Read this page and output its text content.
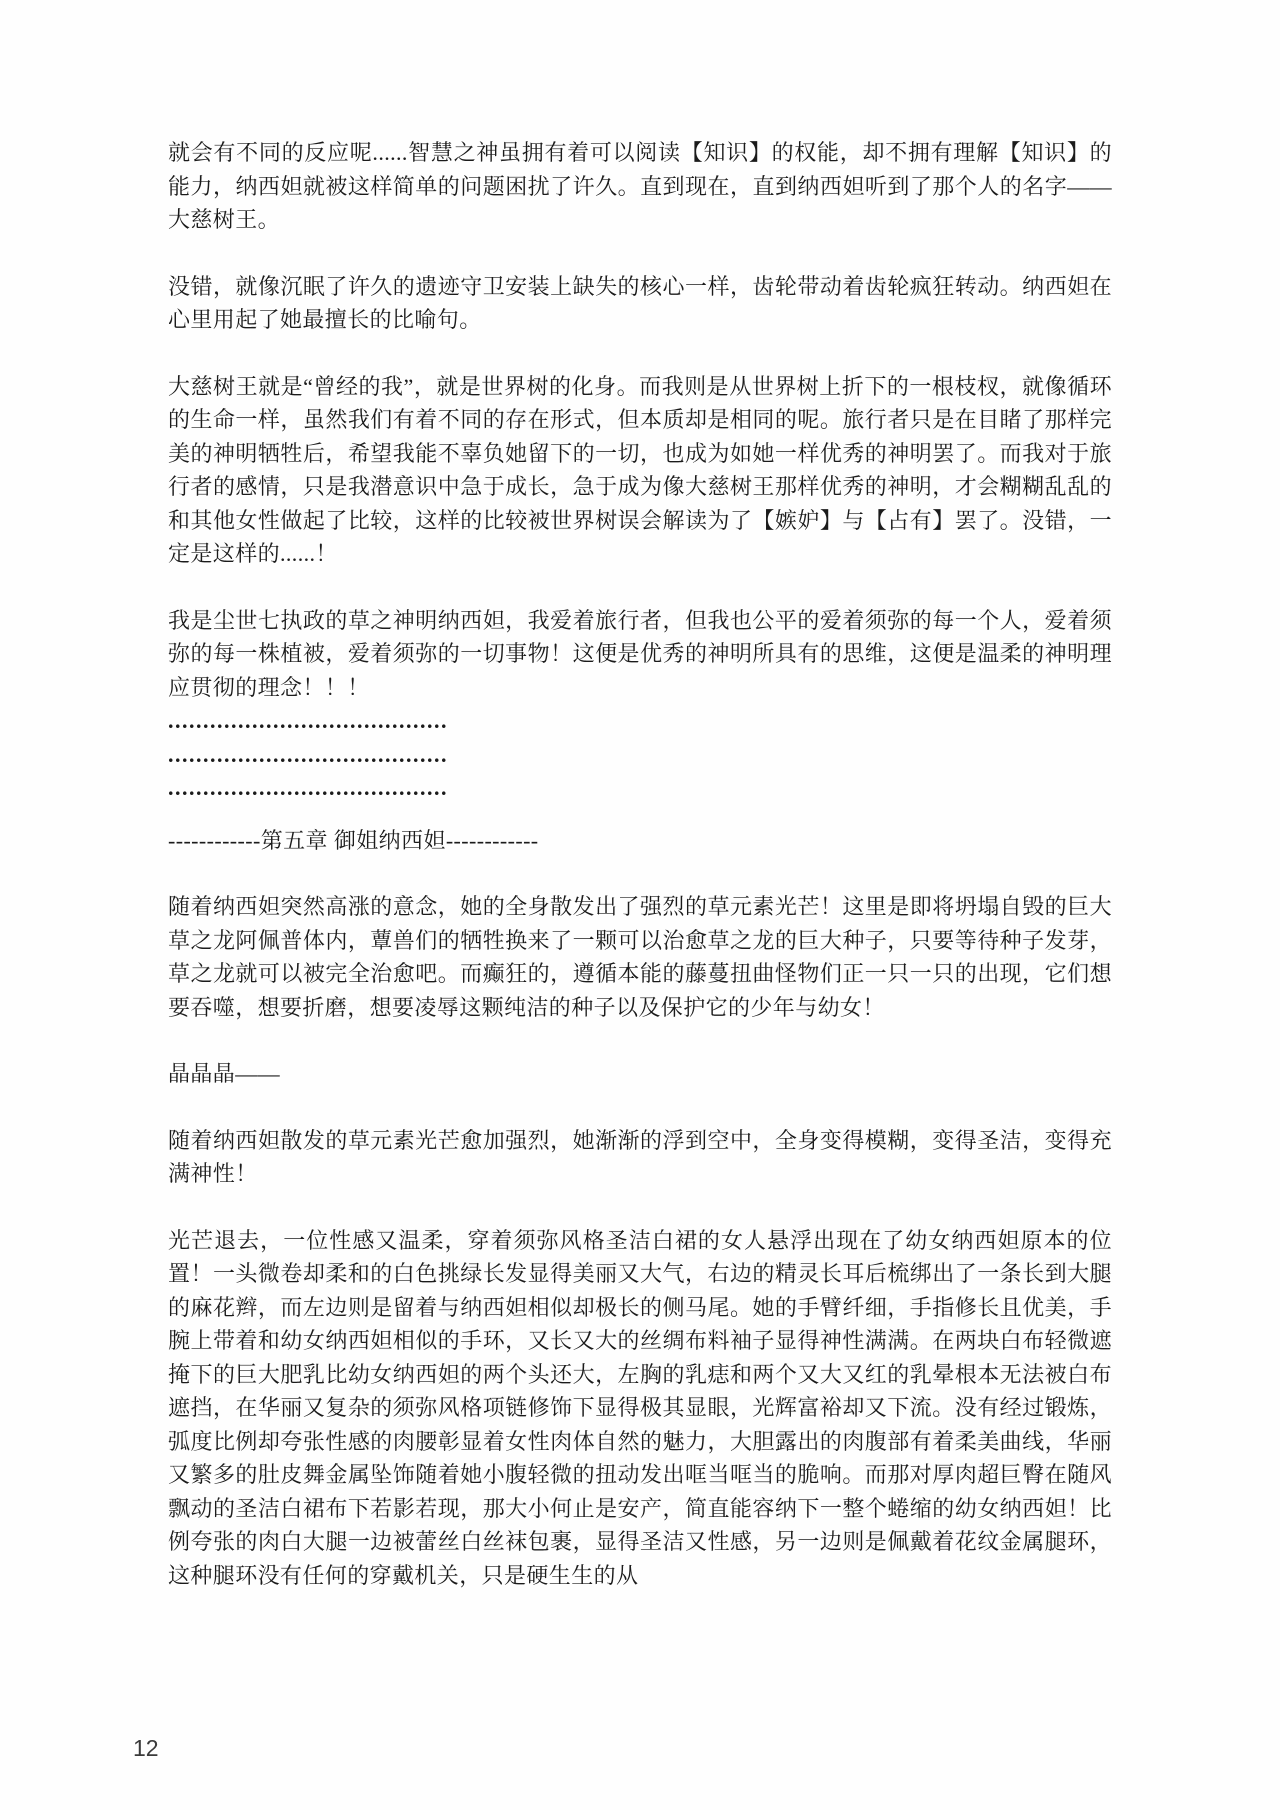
就会有不同的反应呢......智慧之神虽拥有着可以阅读【知识】的权能，却不拥有理解【知识】的能力，纳西妲就被这样简单的问题困扰了许久。直到现在，直到纳西妲听到了那个人的名字——大慈树王。

没错，就像沉眠了许久的遗迹守卫安装上缺失的核心一样，齿轮带动着齿轮疯狂转动。纳西妲在心里用起了她最擅长的比喻句。

大慈树王就是“曾经的我”，就是世界树的化身。而我则是从世界树上折下的一根枝杈，就像循环的生命一样，虽然我们有着不同的存在形式，但本质却是相同的呢。旅行者只是在目睹了那样完美的神明牺牲后，希望我能不辜负她留下的一切，也成为如她一样优秀的神明罢了。而我对于旅行者的感情，只是我潜意识中急于成长，急于成为像大慈树王那样优秀的神明，才会糊糊乱乱的和其他女性做起了比较，这样的比较被世界树误会解读为了【嫉妒】与【占有】罢了。没错，一定是这样的......！

我是尘世七执政的草之神明纳西妲，我爱着旅行者，但我也公平的爱着须弥的每一个人，爱着须弥的每一株植被，爱着须弥的一切事物！这便是优秀的神明所具有的思维，这便是温柔的神明理应贯彻的理念！！！

........................................
........................................
........................................

------------第五章 御姐纳西妲------------

随着纳西妲突然高涨的意念，她的全身散发出了强烈的草元素光芒！这里是即将坍塌自毁的巨大草之龙阿佩普体内，蕈兽们的牺牲换来了一颗可以治愈草之龙的巨大种子，只要等待种子发芽，草之龙就可以被完全治愈吧。而癫狂的，遵循本能的藤蔓扭曲怪物们正一只一只的出现，它们想要吞噬，想要折磨，想要凌辱这颗纯洁的种子以及保护它的少年与幼女！

晶晶晶——

随着纳西妲散发的草元素光芒愈加强烈，她渐渐的浮到空中，全身变得模糊，变得圣洁，变得充满神性！

光芒退去，一位性感又温柔，穿着须弥风格圣洁白裙的女人悬浮出现在了幼女纳西妲原本的位置！一头微卷却柔和的白色挑绿长发显得美丽又大气，右边的精灵长耳后梳绑出了一条长到大腿的麻花辫，而左边则是留着与纳西妲相似却极长的侧马尾。她的手臂纤细，手指修长且优美，手腕上带着和幼女纳西妲相似的手环，又长又大的丝绸布料袖子显得神性满满。在两块白布轻微遮掩下的巨大肥乳比幼女纳西妲的两个头还大，左胸的乳痣和两个又大又红的乳晕根本无法被白布遮挡，在华丽又复杂的须弥风格项链修饰下显得极其显眼，光辉富裕却又下流。没有经过锻炼，弧度比例却夸张性感的肉腰彰显着女性肉体自然的魅力，大胆露出的肉腹部有着柔美曲线，华丽又繁多的肚皮舞金属坠饰随着她小腹轻微的扭动发出哐当哐当的脆响。而那对厚肉超巨臀在随风飘动的圣洁白裙布下若影若现，那大小何止是安产，简直能容纳下一整个蜷缩的幼女纳西妲！比例夸张的肉白大腿一边被蕾丝白丝袜包裹，显得圣洁又性感，另一边则是佩戴着花纹金属腿环，这种腿环没有任何的穿戴机关，只是硬生生的从

12
